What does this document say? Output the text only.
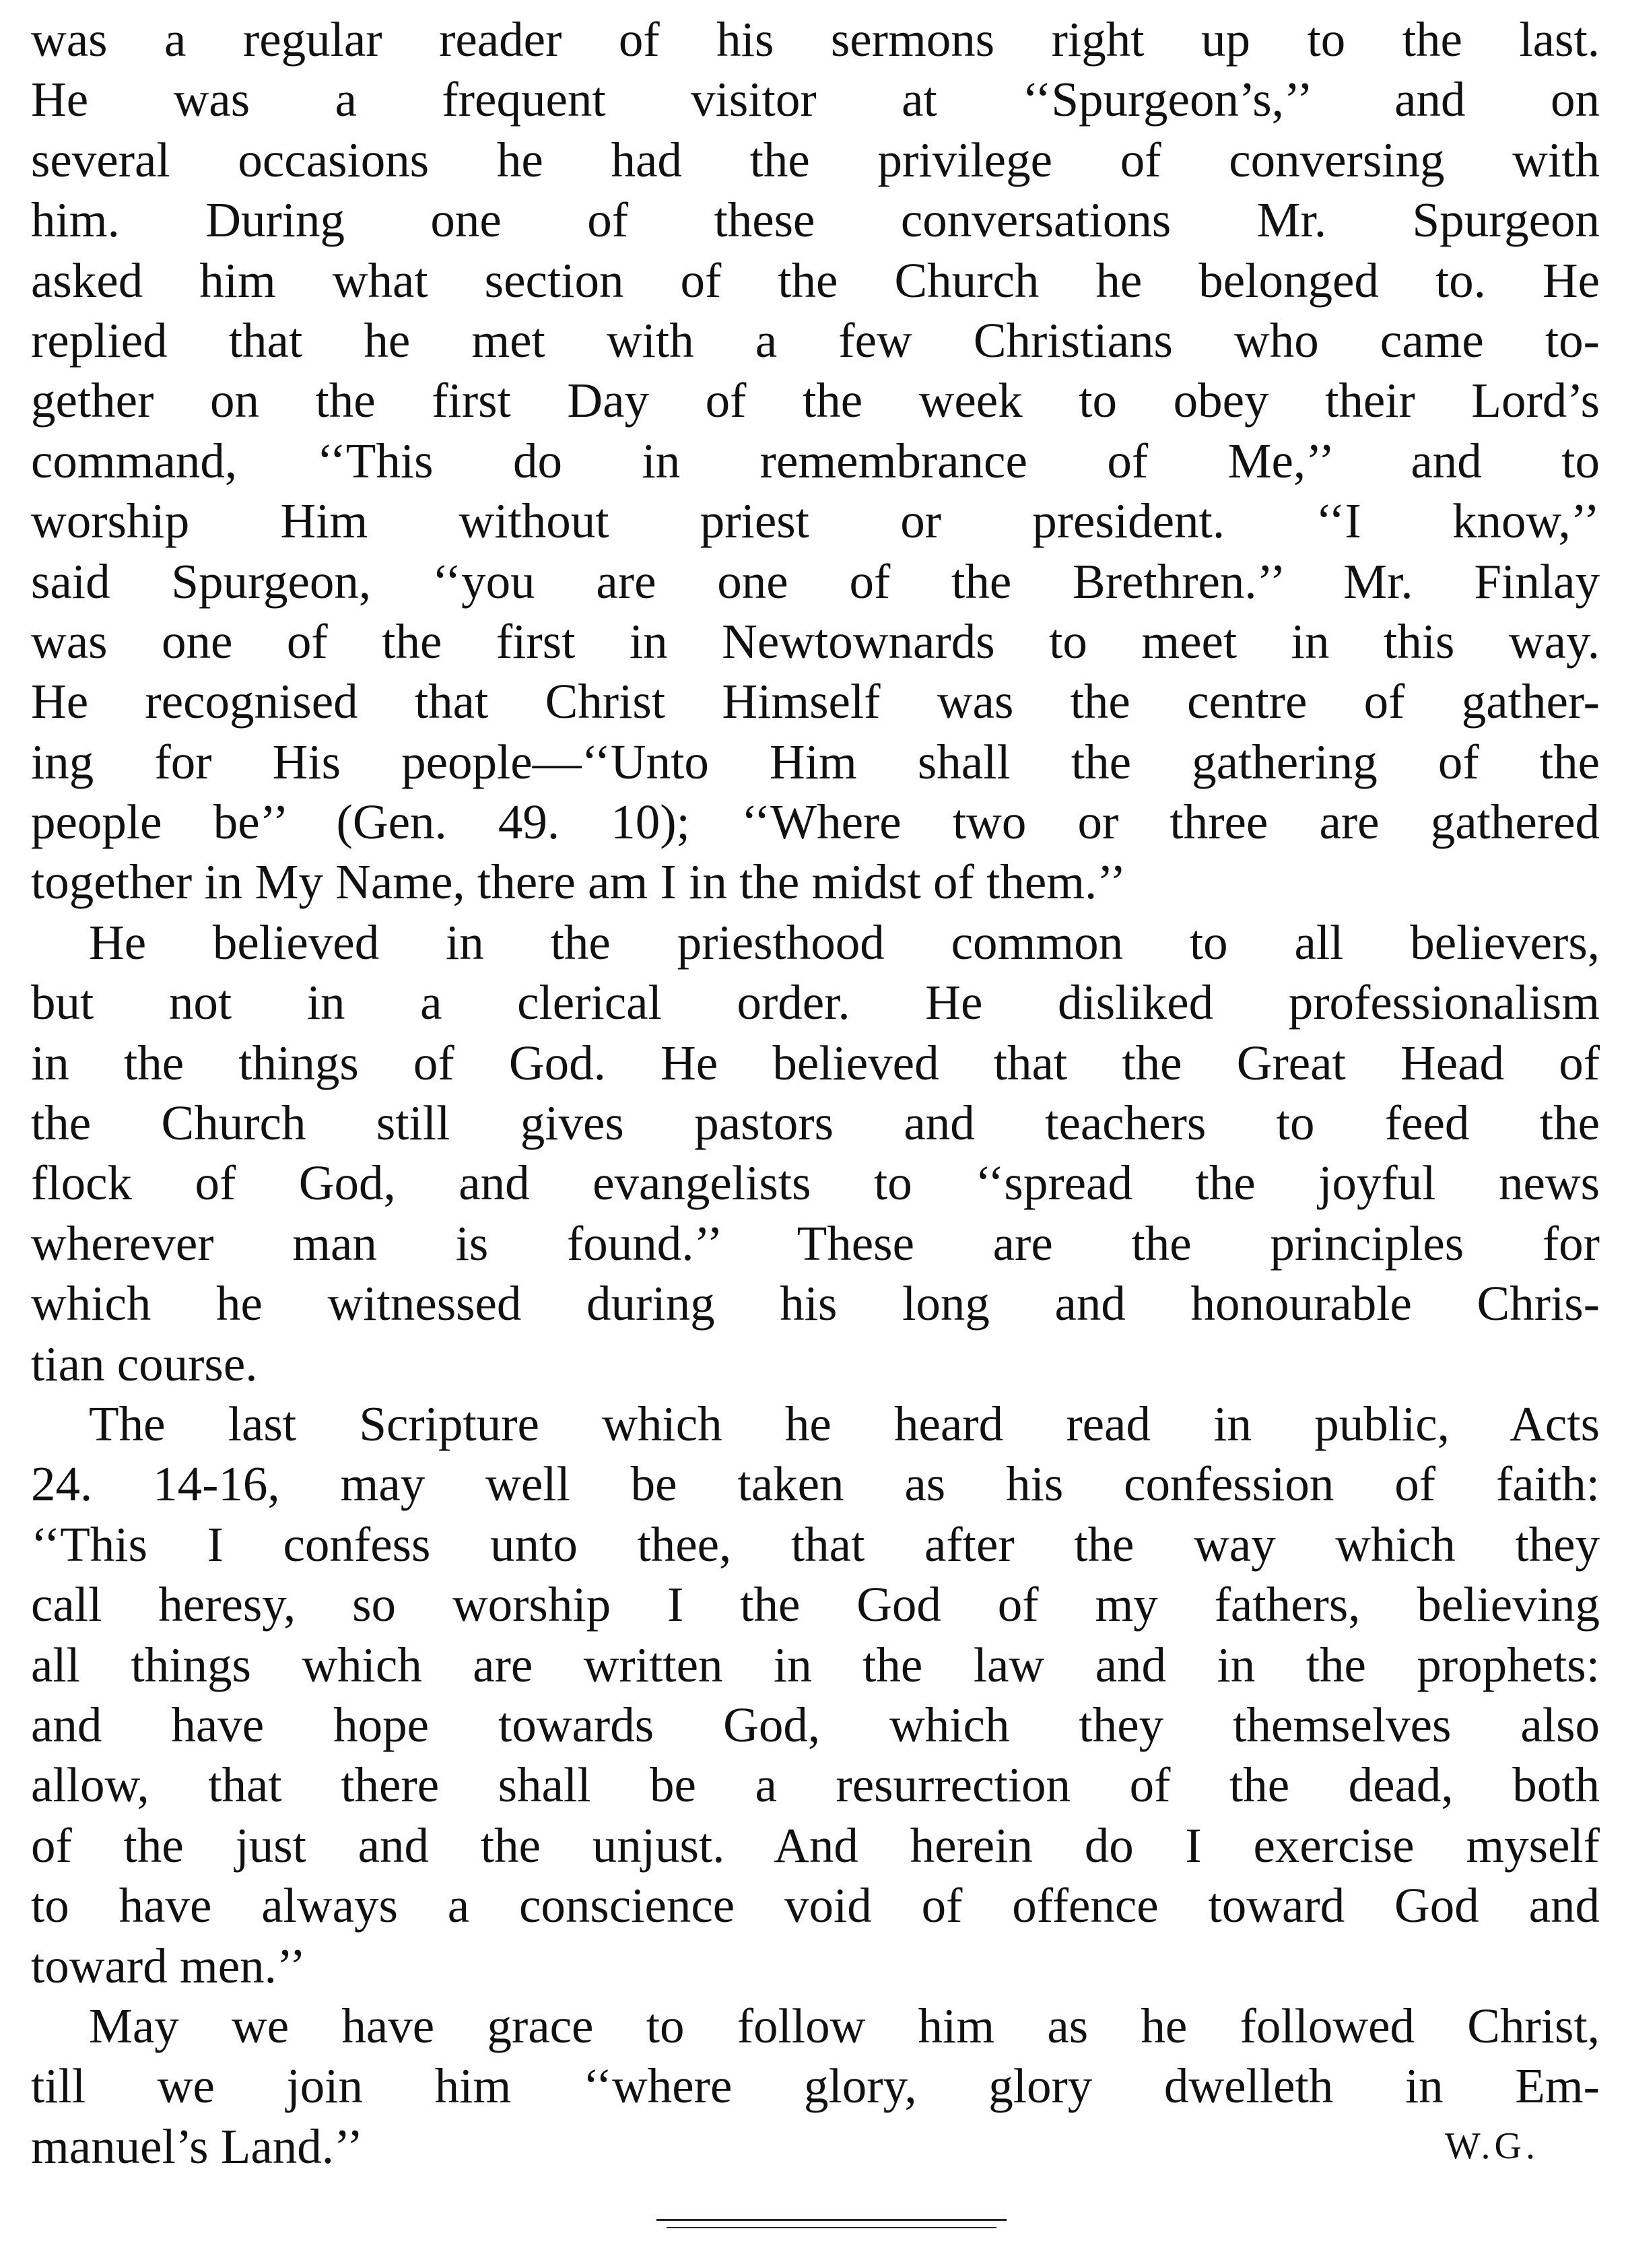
was a regular reader of his sermons right up to the last.
He was a frequent visitor at ‘‘Spurgeon’s,’’ and on
several occasions he had the privilege of conversing with
him. During one of these conversations Mr. Spurgeon
asked him what section of the Church he belonged to. He
replied that he met with a few Christians who came to-
gether on the first Day of the week to obey their Lord’s
command, ‘‘This do in remembrance of Me,’’ and to
worship Him without priest or president. ‘‘I know,’’
said Spurgeon, ‘‘you are one of the Brethren.’’ Mr. Finlay
was one of the first in Newtownards to meet in this way.
He recognised that Christ Himself was the centre of gather-
ing for His people—‘‘Unto Him shall the gathering of the
people be’’ (Gen. 49. 10); ‘‘Where two or three are gathered
together in My Name, there am I in the midst of them.’’
He believed in the priesthood common to all believers,
but not in a clerical order. He disliked professionalism
in the things of God. He believed that the Great Head of
the Church still gives pastors and teachers to feed the
flock of God, and evangelists to ‘‘spread the joyful news
wherever man is found.’’ These are the principles for
which he witnessed during his long and honourable Chris-
tian course.
The last Scripture which he heard read in public, Acts
24. 14-16, may well be taken as his confession of faith:
‘‘This I confess unto thee, that after the way which they
call heresy, so worship I the God of my fathers, believing
all things which are written in the law and in the prophets:
and have hope towards God, which they themselves also
allow, that there shall be a resurrection of the dead, both
of the just and the unjust. And herein do I exercise myself
to have always a conscience void of offence toward God and
toward men.’’
May we have grace to follow him as he followed Christ,
till we join him ‘‘where glory, glory dwelleth in Em-
manuel’s Land.’’	W.G.
